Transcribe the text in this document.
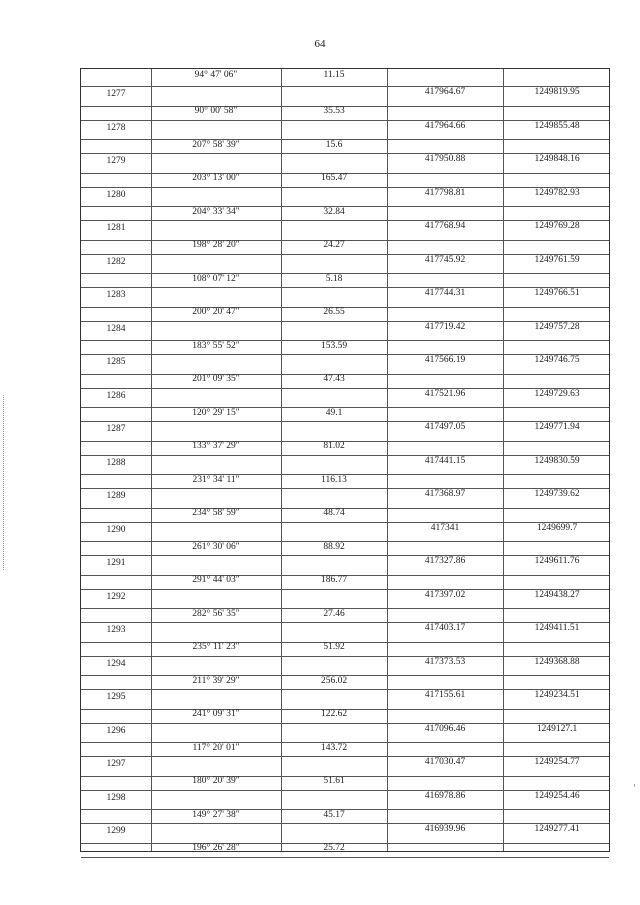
64
94° 47' 06"	11.15
1277	417964.67	1249819.95
90° 00' 58"	35.53
1278	417964.66	1249855.48
207° 58' 39"	15.6
1279	417950.88	1249848.16
203° 13' 00"	165.47
1280	417798.81	1249782.93
204° 33' 34"	32.84
1281	417768.94	1249769.28
198° 28' 20"	24.27
1282	417745.92	1249761.59
108° 07' 12"	5.18
1283	417744.31	1249766.51
200° 20' 47"	26.55
1284	417719.42	1249757.28
183° 55' 52"	153.59
1285	417566.19	1249746.75
201° 09' 35"	47.43
1286	417521.96	1249729.63
120° 29' 15"	49.1
1287	417497.05	1249771.94
133° 37' 29"	81.02
1288	417441.15	1249830.59
231° 34' 11"	116.13
1289	417368.97	1249739.62
234° 58' 59"	48.74
1290	417341	1249699.7
261° 30' 06"	88.92
1291	417327.86	1249611.76
291° 44' 03"	186.77
1292	417397.02	1249438.27
282° 56' 35"	27.46
1293	417403.17	1249411.51
235° 11' 23"	51.92
1294	417373.53	1249368.88
211° 39' 29"	256.02
1295	417155.61	1249234.51
241° 09' 31"	122.62
1296	417096.46	1249127.1
117° 20' 01"	143.72
1297	417030.47	1249254.77
180° 20' 39"	51.61
1298	416978.86	1249254.46
149° 27' 38"	45.17
1299	416939.96	1249277.41
196° 26' 28"	25.72
